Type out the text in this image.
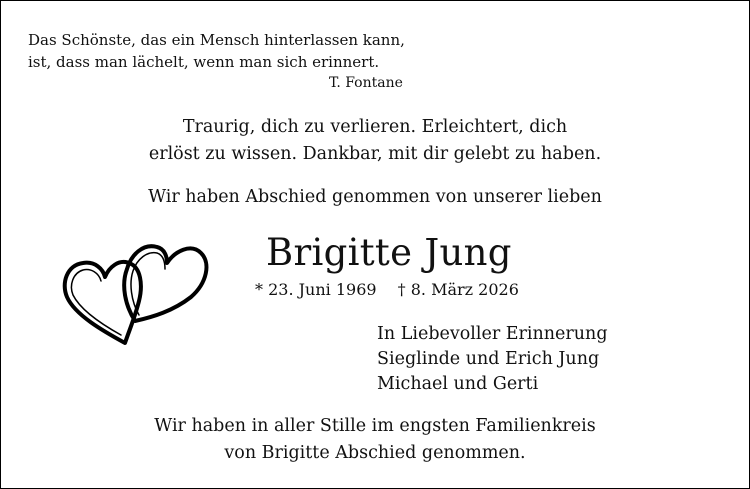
Das Schönste, das ein Mensch hinterlassen kann,
ist, dass man lächelt, wenn man sich erinnert.
T. Fontane
Traurig, dich zu verlieren. Erleichtert, dich
erlöst zu wissen. Dankbar, mit dir gelebt zu haben.
Wir haben Abschied genommen von unserer lieben
Brigitte Jung
* 23. Juni 1969 † 8. März 2026
In Liebevoller Erinnerung
Sieglinde und Erich Jung
Michael und Gerti
Wir haben in aller Stille im engsten Familienkreis
von Brigitte Abschied genommen.
